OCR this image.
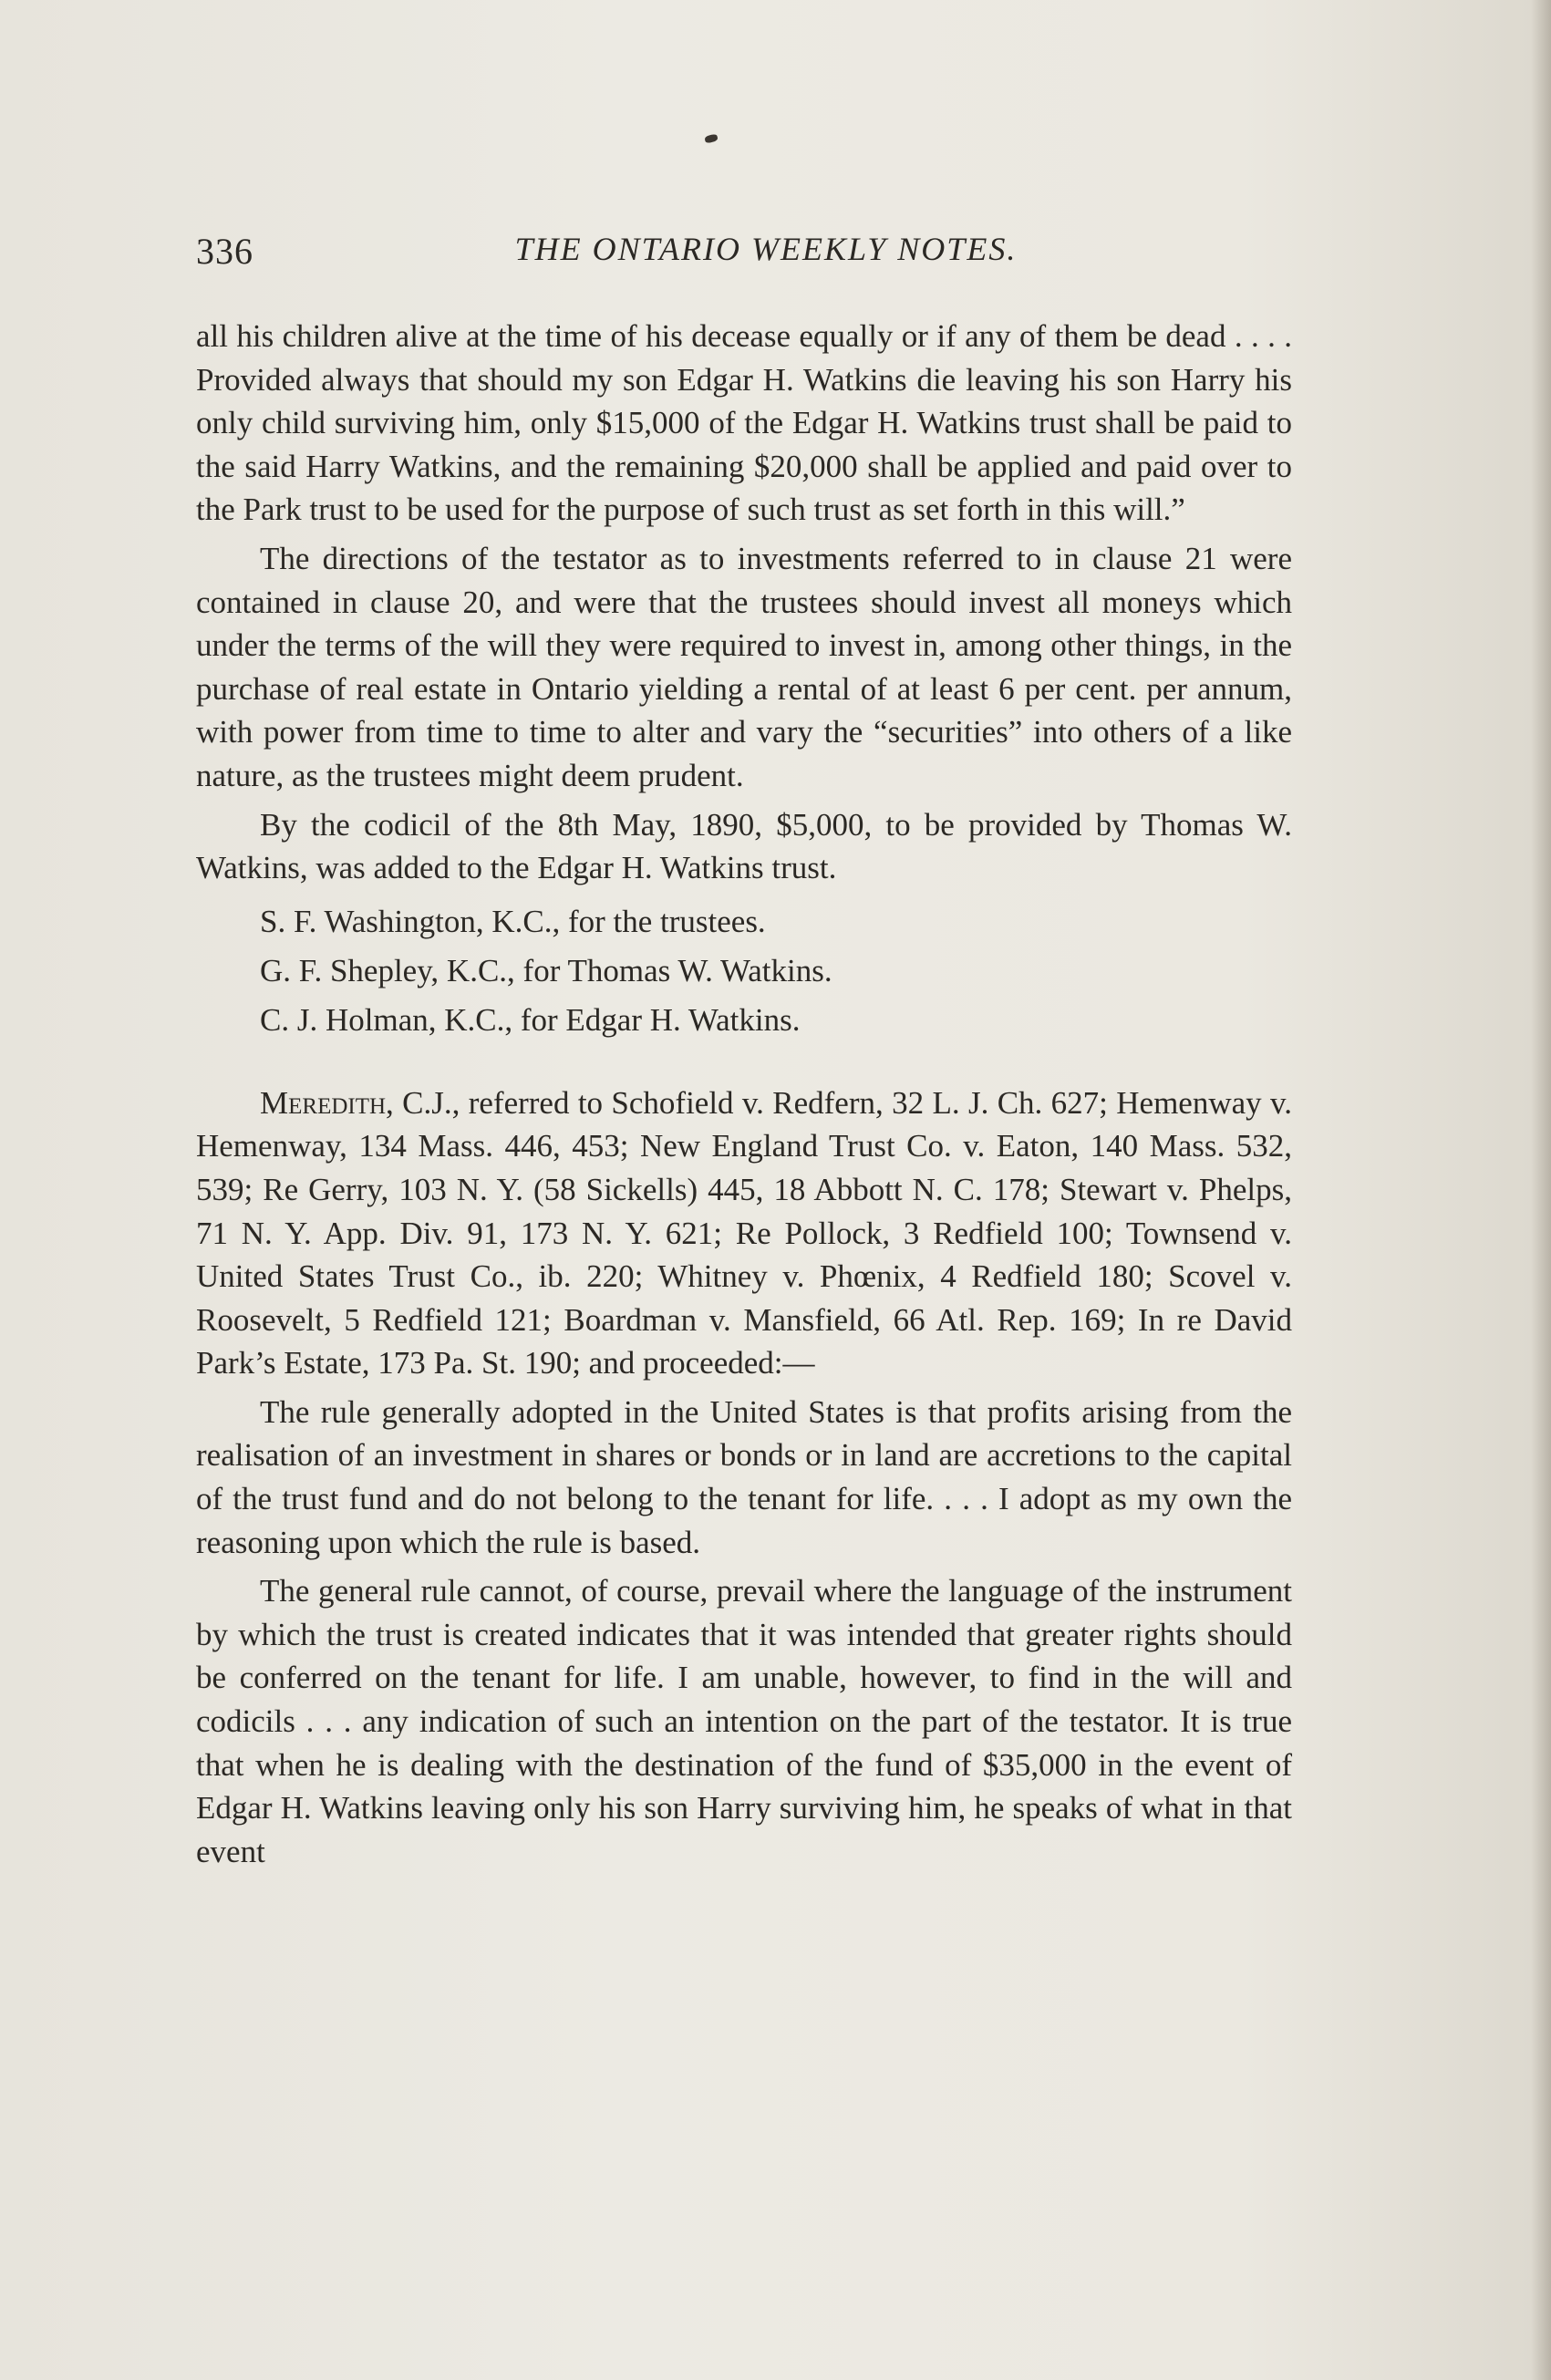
336	THE ONTARIO WEEKLY NOTES.

all his children alive at the time of his decease equally or if any of them be dead . . . . Provided always that should my son Edgar H. Watkins die leaving his son Harry his only child surviving him, only $15,000 of the Edgar H. Watkins trust shall be paid to the said Harry Watkins, and the remaining $20,000 shall be applied and paid over to the Park trust to be used for the purpose of such trust as set forth in this will.”

The directions of the testator as to investments referred to in clause 21 were contained in clause 20, and were that the trustees should invest all moneys which under the terms of the will they were required to invest in, among other things, in the purchase of real estate in Ontario yielding a rental of at least 6 per cent. per annum, with power from time to time to alter and vary the “securities” into others of a like nature, as the trustees might deem prudent.

By the codicil of the 8th May, 1890, $5,000, to be provided by Thomas W. Watkins, was added to the Edgar H. Watkins trust.

S. F. Washington, K.C., for the trustees.

G. F. Shepley, K.C., for Thomas W. Watkins.

C. J. Holman, K.C., for Edgar H. Watkins.

Meredith, C.J., referred to Schofield v. Redfern, 32 L. J. Ch. 627; Hemenway v. Hemenway, 134 Mass. 446, 453; New England Trust Co. v. Eaton, 140 Mass. 532, 539; Re Gerry, 103 N. Y. (58 Sickells) 445, 18 Abbott N. C. 178; Stewart v. Phelps, 71 N. Y. App. Div. 91, 173 N. Y. 621; Re Pollock, 3 Redfield 100; Townsend v. United States Trust Co., ib. 220; Whitney v. Phœnix, 4 Redfield 180; Scovel v. Roosevelt, 5 Redfield 121; Boardman v. Mansfield, 66 Atl. Rep. 169; In re David Park’s Estate, 173 Pa. St. 190; and proceeded:—

The rule generally adopted in the United States is that profits arising from the realisation of an investment in shares or bonds or in land are accretions to the capital of the trust fund and do not belong to the tenant for life. . . . I adopt as my own the reasoning upon which the rule is based.

The general rule cannot, of course, prevail where the language of the instrument by which the trust is created indicates that it was intended that greater rights should be conferred on the tenant for life. I am unable, however, to find in the will and codicils . . . any indication of such an intention on the part of the testator. It is true that when he is dealing with the destination of the fund of $35,000 in the event of Edgar H. Watkins leaving only his son Harry surviving him, he speaks of what in that event
